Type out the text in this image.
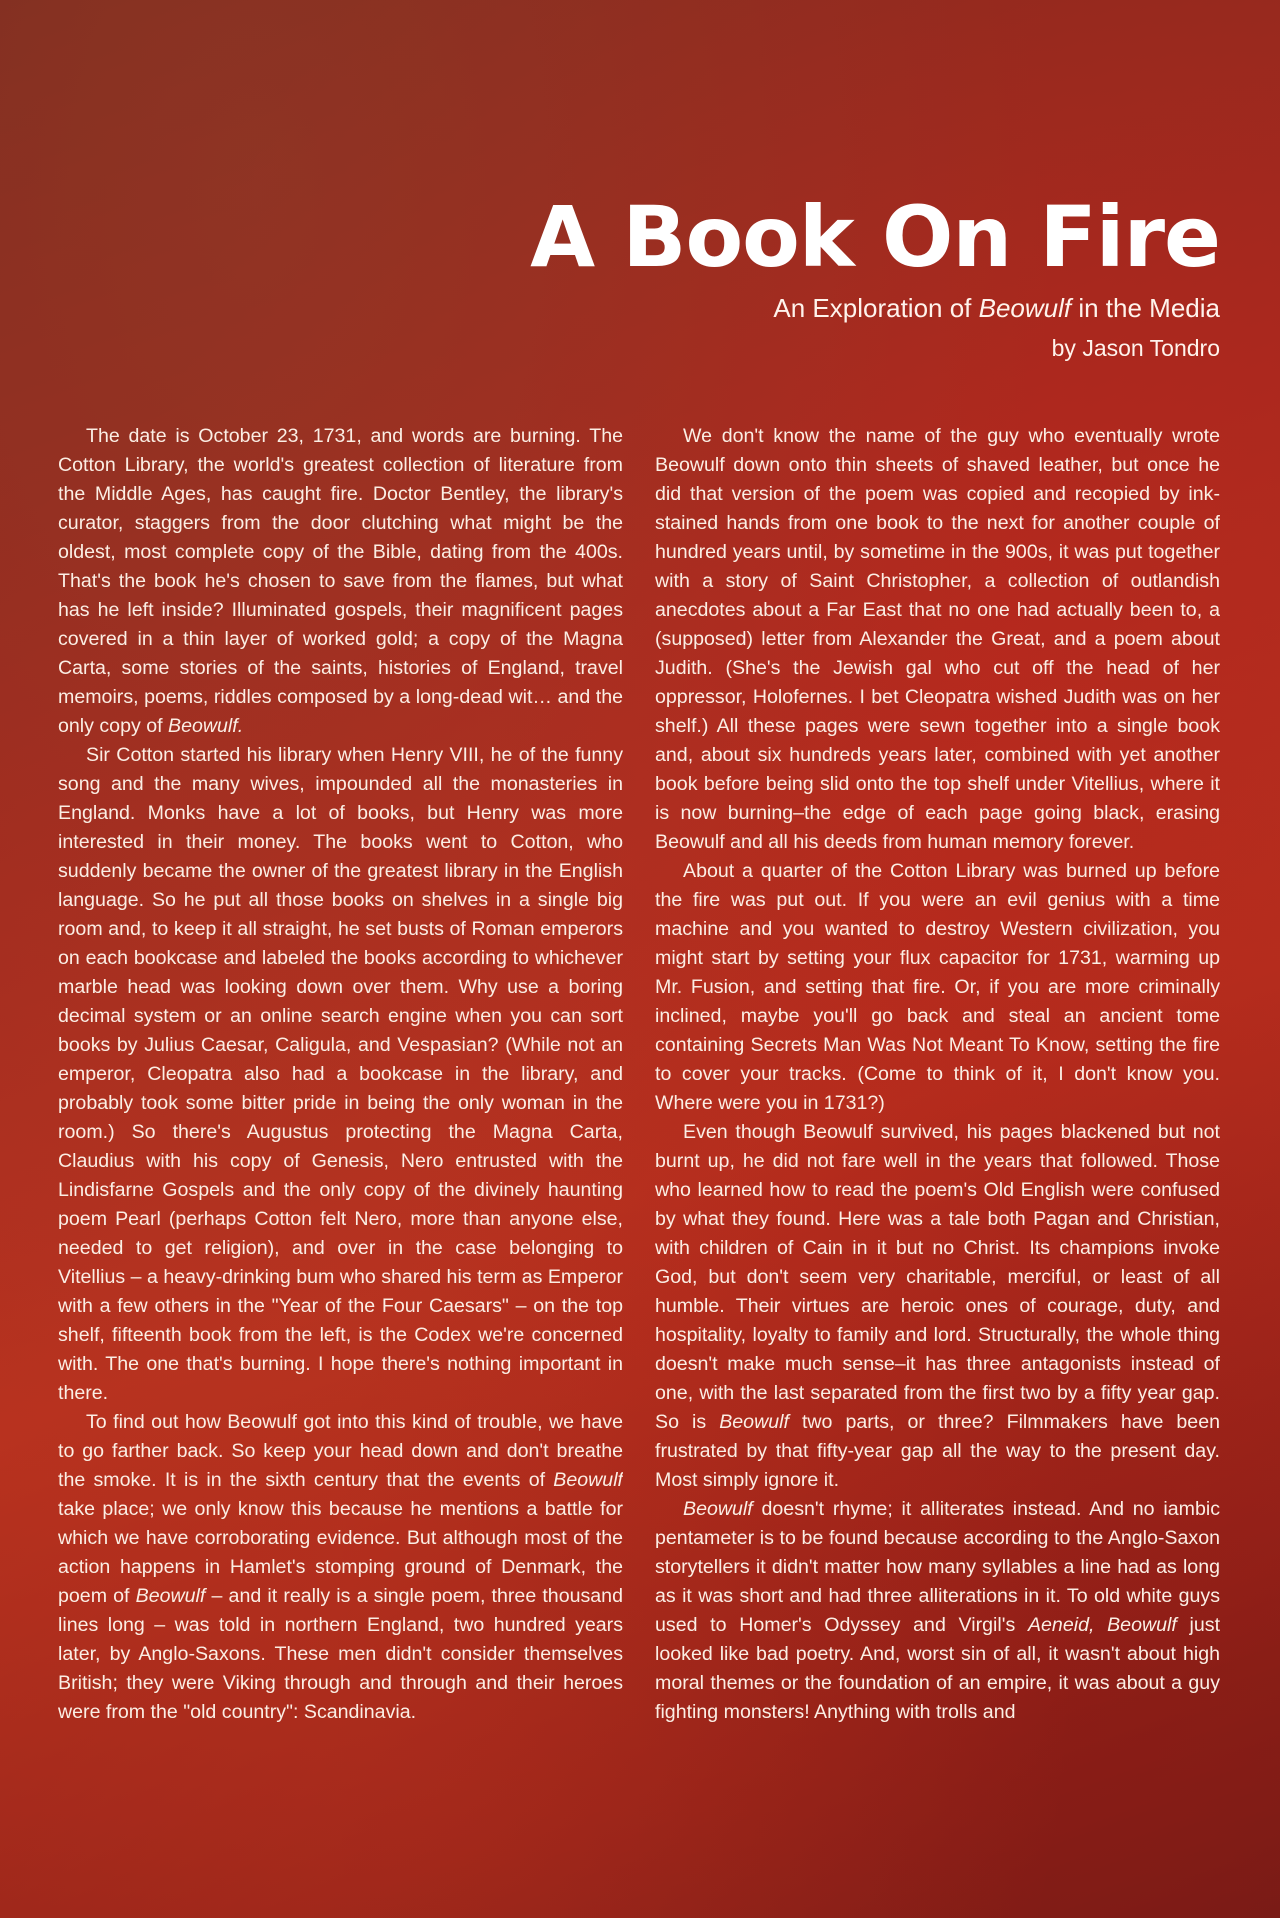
A Book On Fire
An Exploration of Beowulf in the Media
by Jason Tondro

The date is October 23, 1731, and words are burning. The Cotton Library, the world's greatest collection of literature from the Middle Ages, has caught fire. Doctor Bentley, the library's curator, staggers from the door clutching what might be the oldest, most complete copy of the Bible, dating from the 400s. That's the book he's chosen to save from the flames, but what has he left inside? Illuminated gospels, their magnificent pages covered in a thin layer of worked gold; a copy of the Magna Carta, some stories of the saints, histories of England, travel memoirs, poems, riddles composed by a long-dead wit… and the only copy of Beowulf.

Sir Cotton started his library when Henry VIII, he of the funny song and the many wives, impounded all the monasteries in England. Monks have a lot of books, but Henry was more interested in their money. The books went to Cotton, who suddenly became the owner of the greatest library in the English language. So he put all those books on shelves in a single big room and, to keep it all straight, he set busts of Roman emperors on each bookcase and labeled the books according to whichever marble head was looking down over them. Why use a boring decimal system or an online search engine when you can sort books by Julius Caesar, Caligula, and Vespasian? (While not an emperor, Cleopatra also had a bookcase in the library, and probably took some bitter pride in being the only woman in the room.) So there's Augustus protecting the Magna Carta, Claudius with his copy of Genesis, Nero entrusted with the Lindisfarne Gospels and the only copy of the divinely haunting poem Pearl (perhaps Cotton felt Nero, more than anyone else, needed to get religion), and over in the case belonging to Vitellius – a heavy-drinking bum who shared his term as Emperor with a few others in the "Year of the Four Caesars" – on the top shelf, fifteenth book from the left, is the Codex we're concerned with. The one that's burning. I hope there's nothing important in there.

To find out how Beowulf got into this kind of trouble, we have to go farther back. So keep your head down and don't breathe the smoke. It is in the sixth century that the events of Beowulf take place; we only know this because he mentions a battle for which we have corroborating evidence. But although most of the action happens in Hamlet's stomping ground of Denmark, the poem of Beowulf – and it really is a single poem, three thousand lines long – was told in northern England, two hundred years later, by Anglo-Saxons. These men didn't consider themselves British; they were Viking through and through and their heroes were from the "old country": Scandinavia.

We don't know the name of the guy who eventually wrote Beowulf down onto thin sheets of shaved leather, but once he did that version of the poem was copied and recopied by ink-stained hands from one book to the next for another couple of hundred years until, by sometime in the 900s, it was put together with a story of Saint Christopher, a collection of outlandish anecdotes about a Far East that no one had actually been to, a (supposed) letter from Alexander the Great, and a poem about Judith. (She's the Jewish gal who cut off the head of her oppressor, Holofernes. I bet Cleopatra wished Judith was on her shelf.) All these pages were sewn together into a single book and, about six hundreds years later, combined with yet another book before being slid onto the top shelf under Vitellius, where it is now burning–the edge of each page going black, erasing Beowulf and all his deeds from human memory forever.

About a quarter of the Cotton Library was burned up before the fire was put out. If you were an evil genius with a time machine and you wanted to destroy Western civilization, you might start by setting your flux capacitor for 1731, warming up Mr. Fusion, and setting that fire. Or, if you are more criminally inclined, maybe you'll go back and steal an ancient tome containing Secrets Man Was Not Meant To Know, setting the fire to cover your tracks. (Come to think of it, I don't know you. Where were you in 1731?)

Even though Beowulf survived, his pages blackened but not burnt up, he did not fare well in the years that followed. Those who learned how to read the poem's Old English were confused by what they found. Here was a tale both Pagan and Christian, with children of Cain in it but no Christ. Its champions invoke God, but don't seem very charitable, merciful, or least of all humble. Their virtues are heroic ones of courage, duty, and hospitality, loyalty to family and lord. Structurally, the whole thing doesn't make much sense–it has three antagonists instead of one, with the last separated from the first two by a fifty year gap. So is Beowulf two parts, or three? Filmmakers have been frustrated by that fifty-year gap all the way to the present day. Most simply ignore it.

Beowulf doesn't rhyme; it alliterates instead. And no iambic pentameter is to be found because according to the Anglo-Saxon storytellers it didn't matter how many syllables a line had as long as it was short and had three alliterations in it. To old white guys used to Homer's Odyssey and Virgil's Aeneid, Beowulf just looked like bad poetry. And, worst sin of all, it wasn't about high moral themes or the foundation of an empire, it was about a guy fighting monsters! Anything with trolls and
